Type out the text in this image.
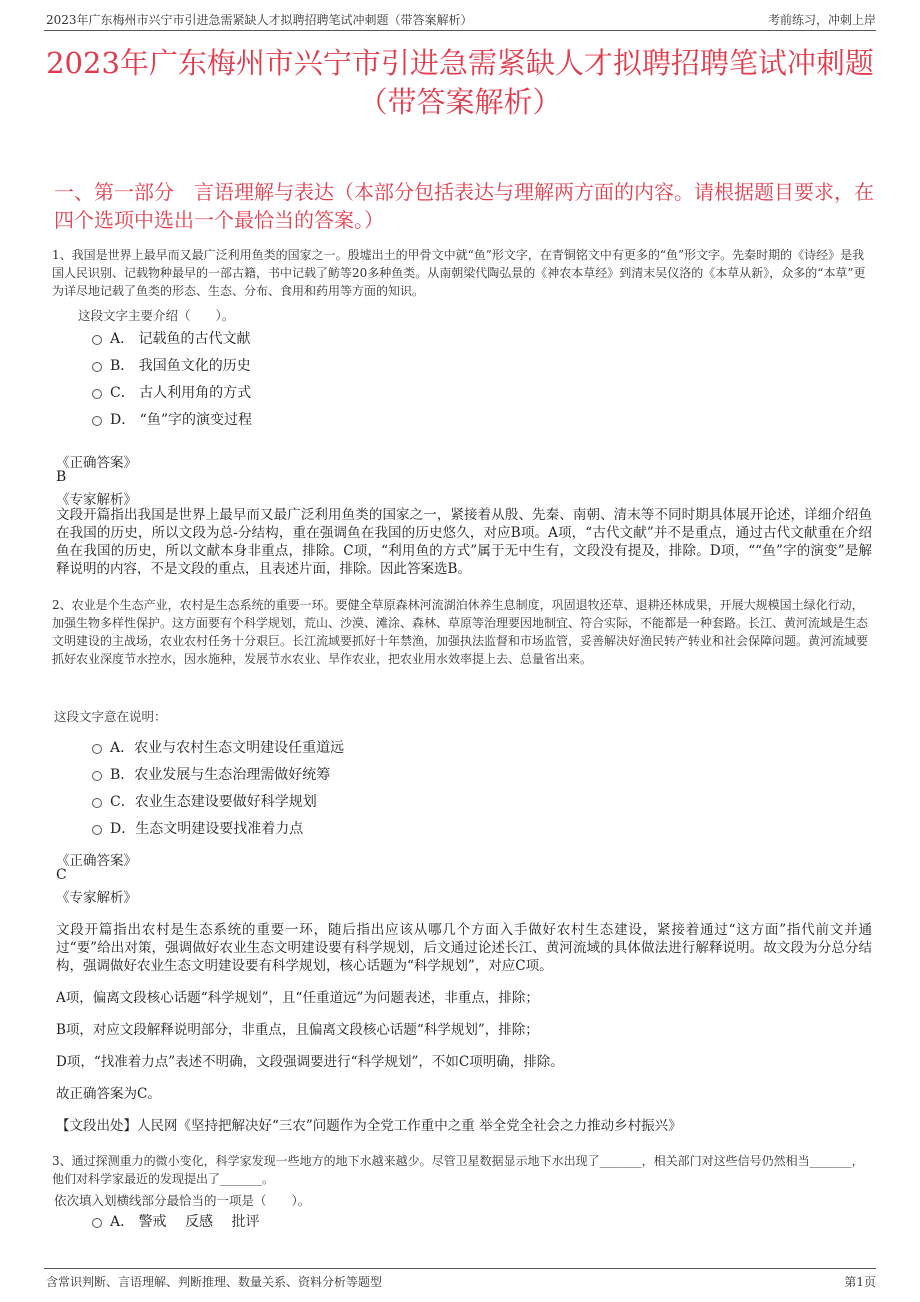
2023年广东梅州市兴宁市引进急需紧缺人才拟聘招聘笔试冲刺题（带答案解析）	考前练习，冲刺上岸
2023年广东梅州市兴宁市引进急需紧缺人才拟聘招聘笔试冲刺题（带答案解析）
一、第一部分 言语理解与表达（本部分包括表达与理解两方面的内容。请根据题目要求，在四个选项中选出一个最恰当的答案。）
1、我国是世界上最早而又最广泛利用鱼类的国家之一。殷墟出土的甲骨文中就“鱼”形文字，在青铜铭文中有更多的“鱼”形文字。先秦时期的《诗经》是我国人民识别、记载物种最早的一部古籍，书中记载了鲂等20多种鱼类。从南朝梁代陶弘景的《神农本草经》到清末吴仪洛的《本草从新》，众多的“本草”更为详尽地记载了鱼类的形态、生态、分布、食用和药用等方面的知识。
这段文字主要介绍（　　）。
A． 记载鱼的古代文献
B． 我国鱼文化的历史
C． 古人利用角的方式
D． “鱼”字的演变过程
《正确答案》
B
《专家解析》
文段开篇指出我国是世界上最早而又最广泛利用鱼类的国家之一，紧接着从殷、先秦、南朝、清末等不同时期具体展开论述，详细介绍鱼在我国的历史，所以文段为总-分结构，重在强调鱼在我国的历史悠久，对应B项。A项，“古代文献”并不是重点，通过古代文献重在介绍鱼在我国的历史，所以文献本身非重点，排除。C项，“利用鱼的方式”属于无中生有，文段没有提及，排除。D项，““鱼”字的演变”是解释说明的内容，不是文段的重点，且表述片面，排除。因此答案选B。
2、农业是个生态产业，农村是生态系统的重要一环。要健全草原森林河流湖泊休养生息制度，巩固退牧还草、退耕还林成果，开展大规模国土绿化行动，加强生物多样性保护。这方面要有个科学规划，荒山、沙漠、滩涂、森林、草原等治理要因地制宜、符合实际，不能都是一种套路。长江、黄河流域是生态文明建设的主战场，农业农村任务十分艰巨。长江流域要抓好十年禁渔，加强执法监督和市场监管，妥善解决好渔民转产转业和社会保障问题。黄河流域要抓好农业深度节水控水，因水施种，发展节水农业、旱作农业，把农业用水效率提上去、总量省出来。
这段文字意在说明：
A．农业与农村生态文明建设任重道远
B．农业发展与生态治理需做好统筹
C．农业生态建设要做好科学规划
D．生态文明建设要找准着力点
《正确答案》
C
《专家解析》
文段开篇指出农村是生态系统的重要一环，随后指出应该从哪几个方面入手做好农村生态建设，紧接着通过“这方面”指代前文并通过“要”给出对策，强调做好农业生态文明建设要有科学规划，后文通过论述长江、黄河流域的具体做法进行解释说明。故文段为分总分结构，强调做好农业生态文明建设要有科学规划，核心话题为“科学规划”，对应C项。
A项，偏离文段核心话题“科学规划”，且“任重道远”为问题表述，非重点，排除；
B项，对应文段解释说明部分，非重点，且偏离文段核心话题“科学规划”，排除；
D项，“找准着力点”表述不明确，文段强调要进行“科学规划”，不如C项明确，排除。
故正确答案为C。
【文段出处】人民网《坚持把解决好“三农”问题作为全党工作重中之重 举全党全社会之力推动乡村振兴》
3、通过探测重力的微小变化，科学家发现一些地方的地下水越来越少。尽管卫星数据显示地下水出现了_______，相关部门对这些信号仍然相当_______，他们对科学家最近的发现提出了_______。
依次填入划横线部分最恰当的一项是（　　）。
A． 警戒　 反感　 批评
含常识判断、言语理解、判断推理、数量关系、资料分析等题型	第1页
